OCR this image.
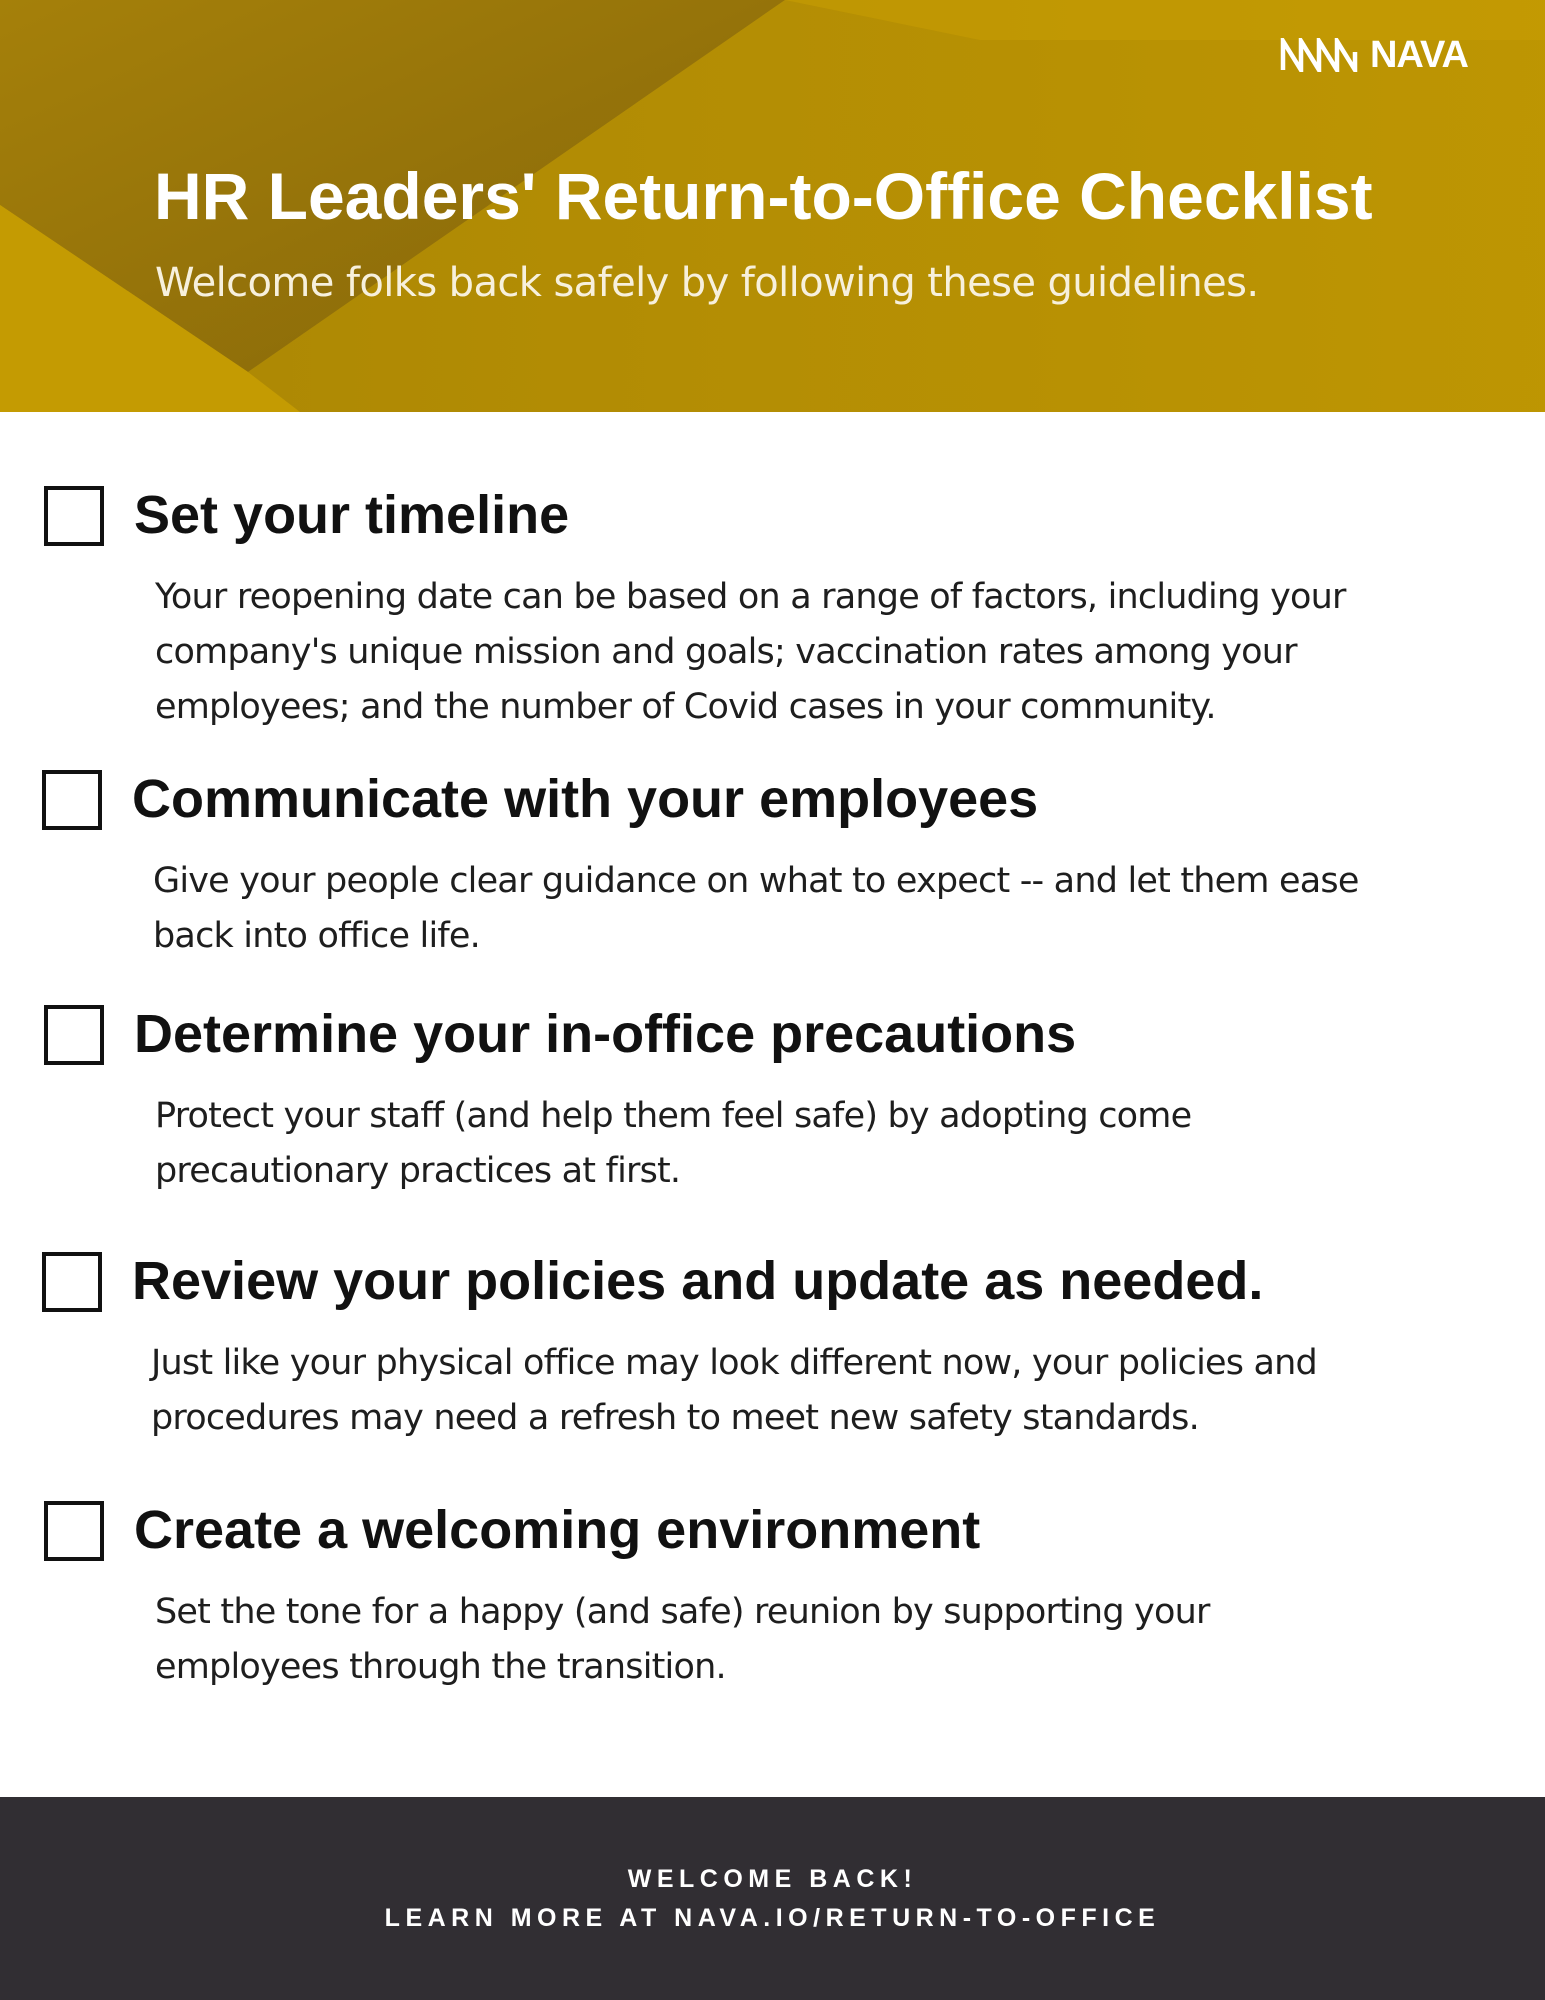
NAVA
HR Leaders' Return-to-Office Checklist

Welcome folks back safely by following these guidelines.

Set your timeline

Your reopening date can be based on a range of factors, including your
company's unique mission and goals; vaccination rates among your
employees; and the number of Covid cases in your community.

Communicate with your employees

Give your people clear guidance on what to expect -- and let them ease
back into office life.

Determine your in-office precautions

Protect your staff (and help them feel safe) by adopting come
precautionary practices at first.

Review your policies and update as needed.

Just like your physical office may look different now, your policies and
procedures may need a refresh to meet new safety standards.

Create a welcoming environment

Set the tone for a happy (and safe) reunion by supporting your
employees through the transition.

WELCOME BACK!
LEARN MORE AT NAVA.IO/RETURN-TO-OFFICE
